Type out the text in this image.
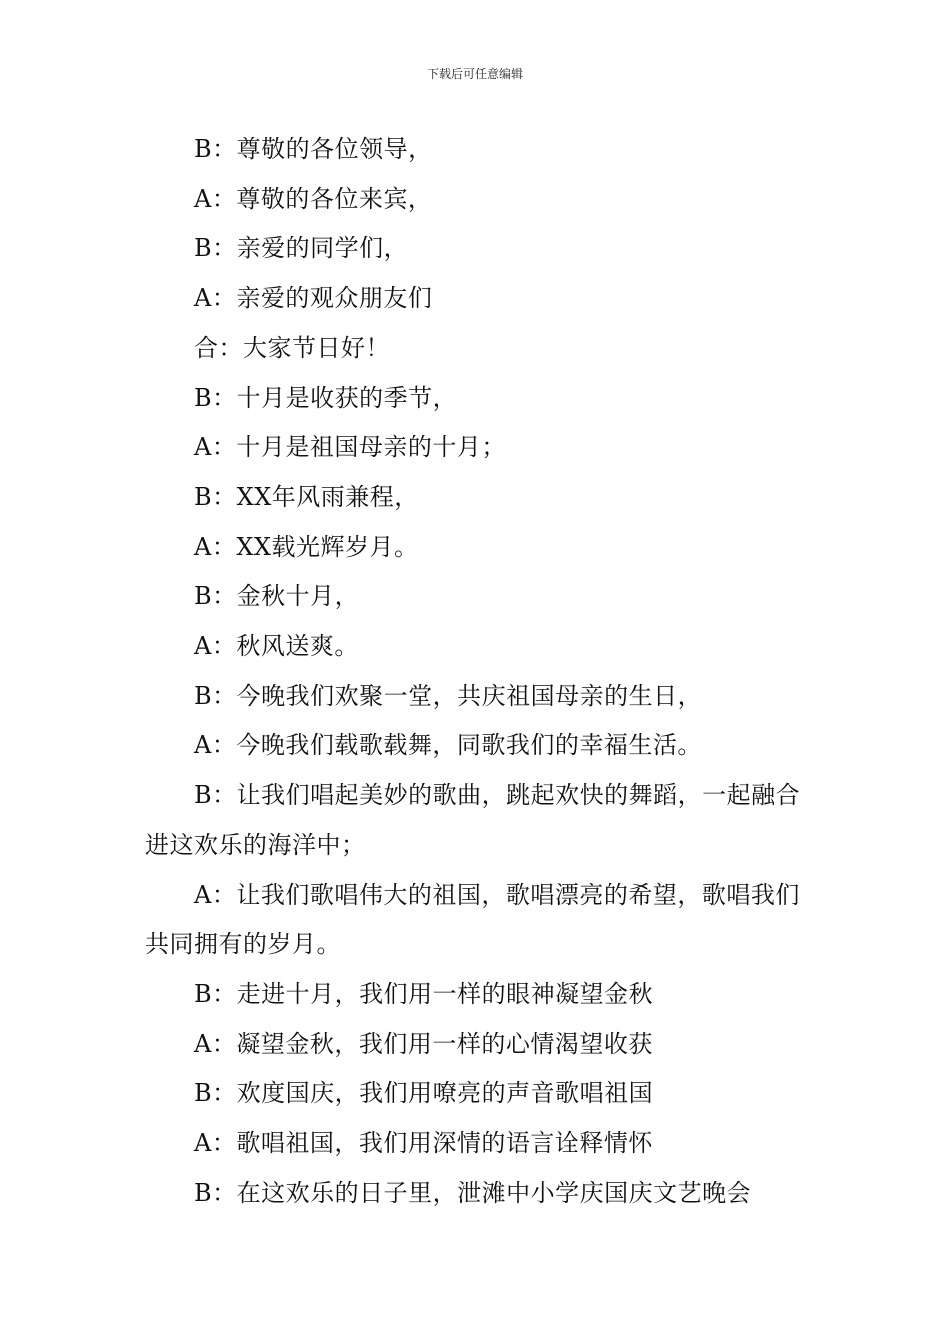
下载后可任意编辑

B：尊敬的各位领导，

A：尊敬的各位来宾，

B：亲爱的同学们，

A：亲爱的观众朋友们

合：大家节日好！

B：十月是收获的季节，

A：十月是祖国母亲的十月；

B：XX年风雨兼程，

A：XX载光辉岁月。

B：金秋十月，

A：秋风送爽。

B：今晚我们欢聚一堂，共庆祖国母亲的生日，

A：今晚我们载歌载舞，同歌我们的幸福生活。

B：让我们唱起美妙的歌曲，跳起欢快的舞蹈，一起融合进这欢乐的海洋中；

A：让我们歌唱伟大的祖国，歌唱漂亮的希望，歌唱我们共同拥有的岁月。

B：走进十月，我们用一样的眼神凝望金秋

A：凝望金秋，我们用一样的心情渴望收获

B：欢度国庆，我们用嘹亮的声音歌唱祖国

A：歌唱祖国，我们用深情的语言诠释情怀

B：在这欢乐的日子里，泄滩中小学庆国庆文艺晚会
